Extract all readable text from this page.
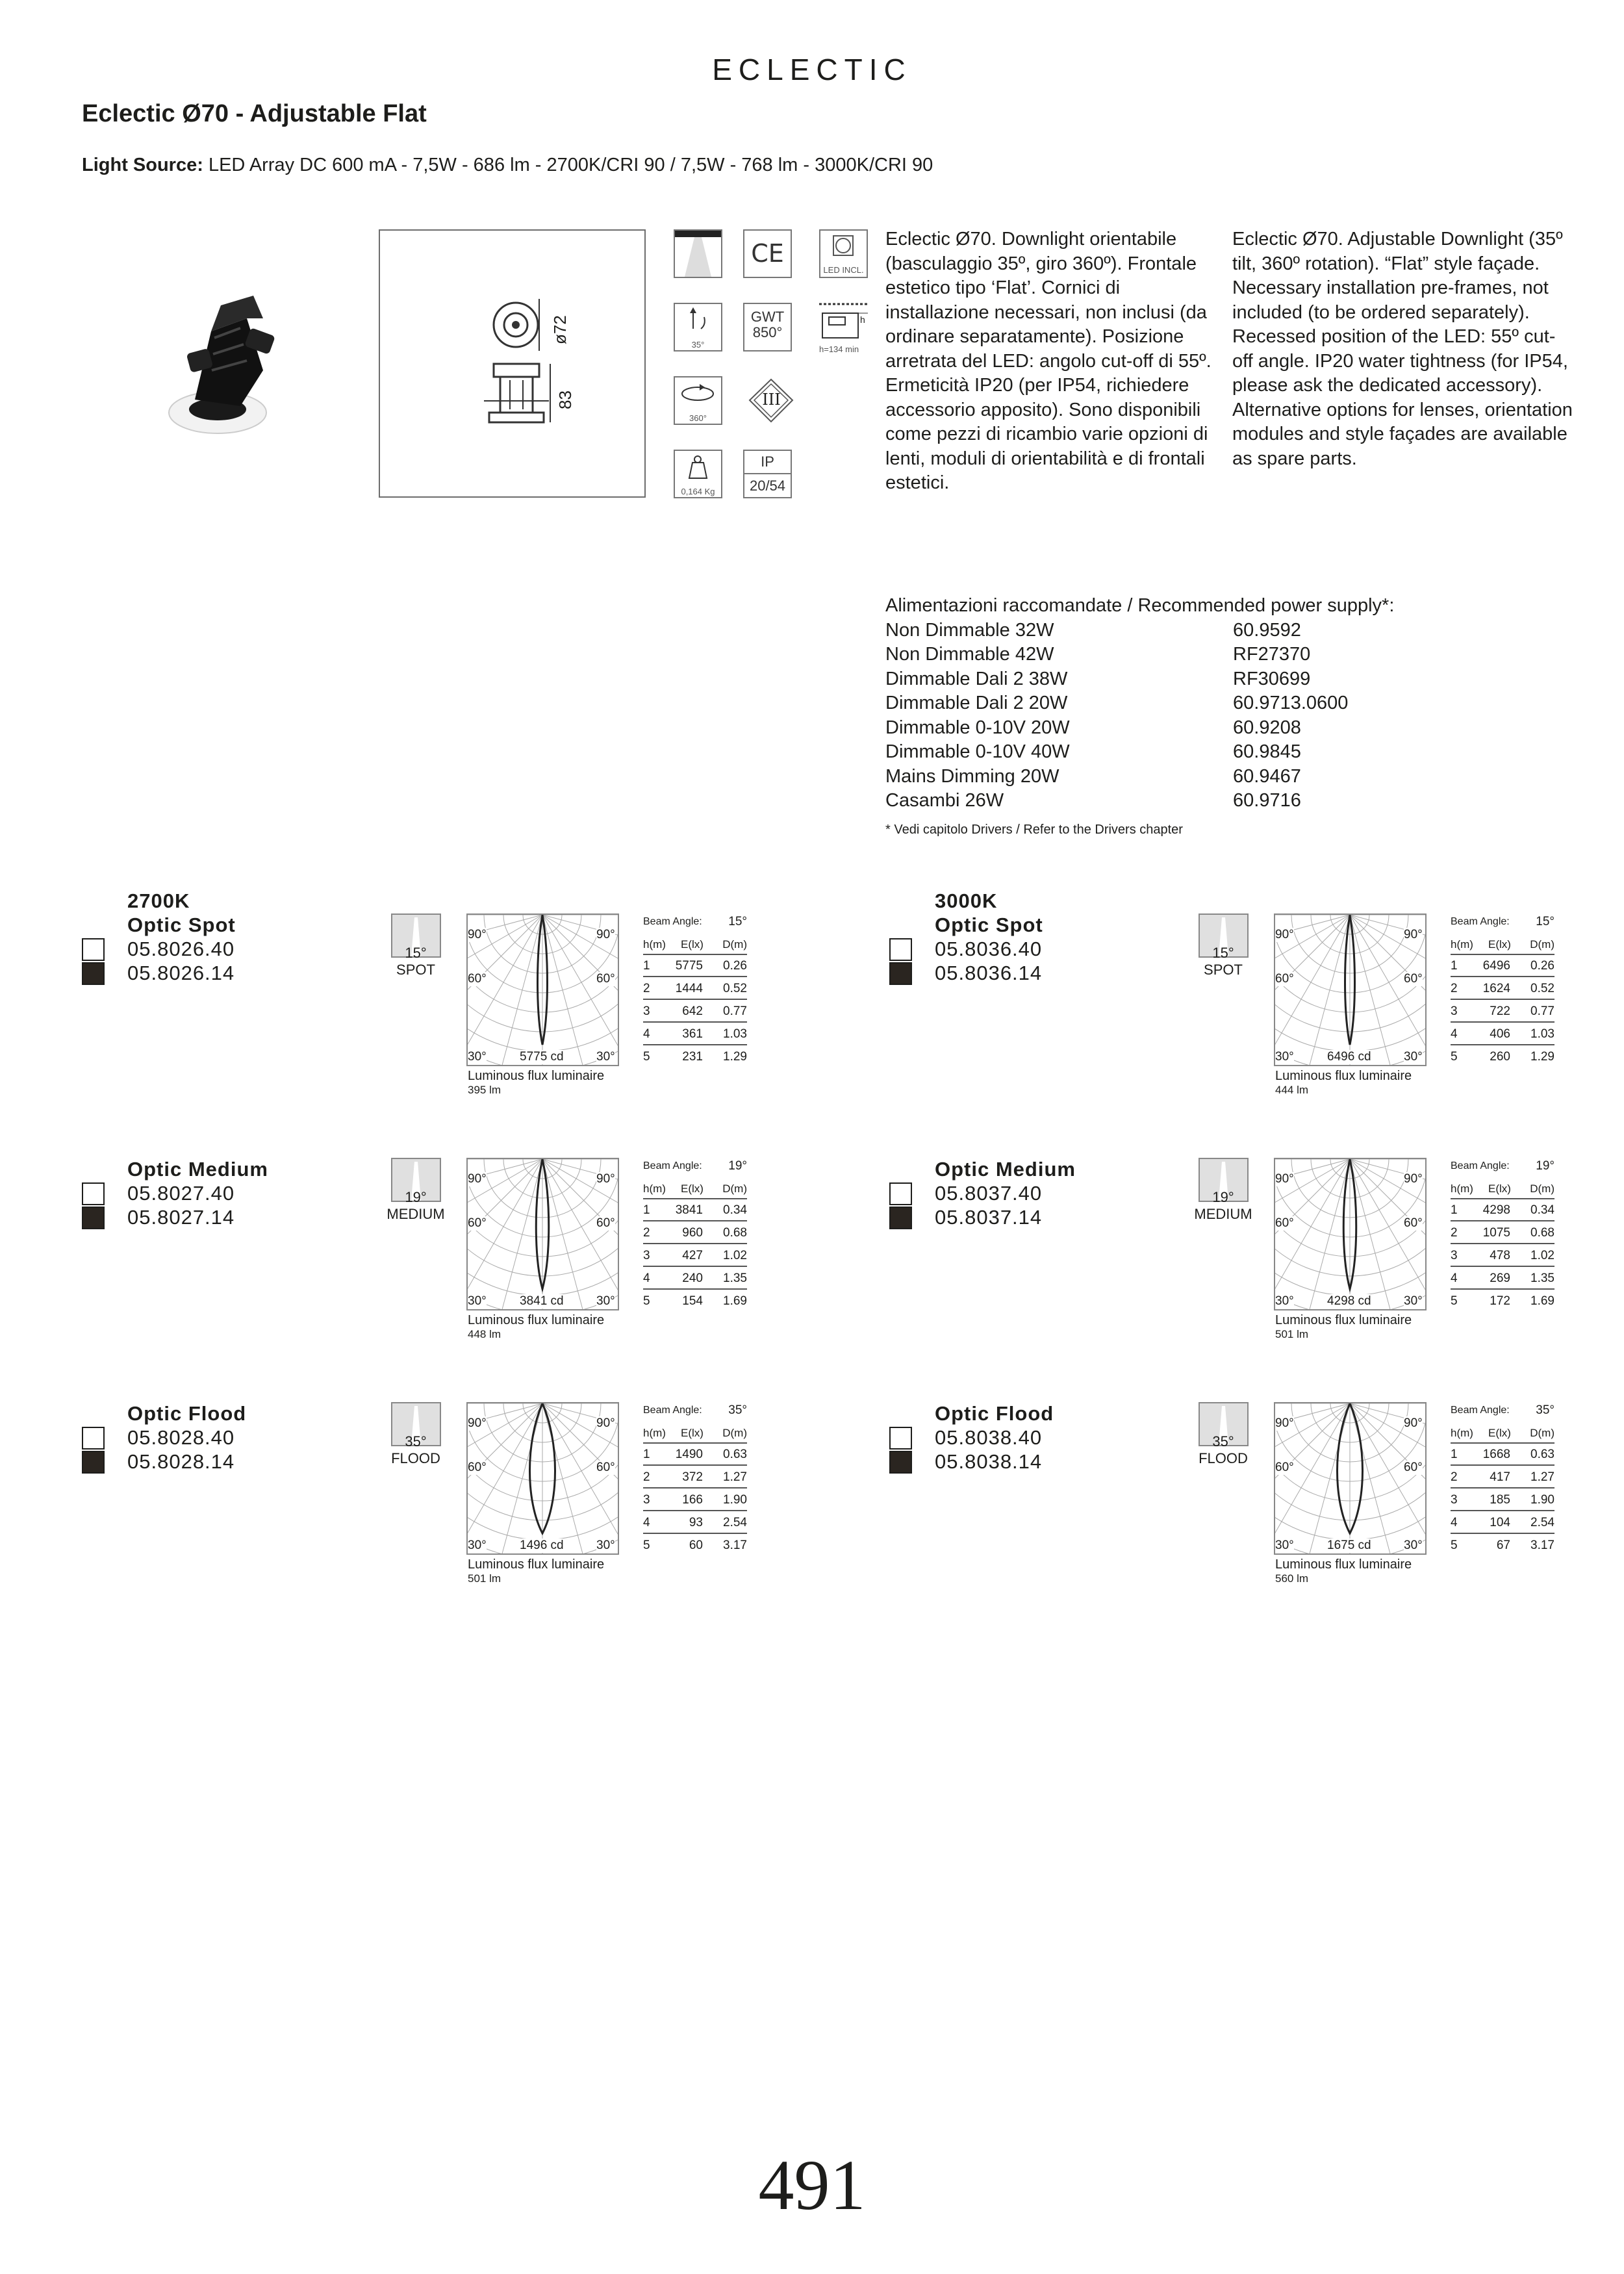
ECLECTIC
Eclectic Ø70 - Adjustable Flat
Light Source: LED Array DC 600 mA - 7,5W - 686 lm - 2700K/CRI 90 / 7,5W - 768 lm - 3000K/CRI 90
ø72
83
CE
LED INCL.
35°
GWT
850°
h
h=134 min
360°
III
0,164 Kg
IP
20/54
Eclectic Ø70. Downlight orientabile (basculaggio 35º, giro 360º). Frontale estetico tipo ‘Flat’. Cornici di installazione necessari, non inclusi (da ordinare separatamente). Posizione arretrata del LED: angolo cut-off di 55º. Ermeticità IP20 (per IP54, richiedere accessorio apposito). Sono disponibili come pezzi di ricambio varie opzioni di lenti, moduli di orientabilità e di frontali estetici.
Eclectic Ø70. Adjustable Downlight (35º tilt, 360º rotation). “Flat” style façade. Necessary installation pre-frames, not included (to be ordered separately). Recessed position of the LED: 55º cut-off angle. IP20 water tightness (for IP54, please ask the dedicated accessory). Alternative options for lenses, orientation modules and style façades are available as spare parts.
Alimentazioni raccomandate / Recommended power supply*:
Non Dimmable 32W	60.9592
Non Dimmable 42W	RF27370
Dimmable Dali 2 38W	RF30699
Dimmable Dali 2 20W	60.9713.0600
Dimmable 0-10V 20W	60.9208
Dimmable 0-10V 40W	60.9845
Mains Dimming 20W	60.9467
Casambi 26W	60.9716
* Vedi capitolo Drivers / Refer to the Drivers chapter
2700K
Optic Spot
05.8026.40
05.8026.14
15°
SPOT
90°	90°
60°	60°
30°	30°
5775 cd
Luminous flux luminaire
395 lm
Beam Angle: 15°
h(m) E(lx) D(m)
1 5775 0.26
2 1444 0.52
3	642 0.77
4	361 1.03
5	231 1.29
Optic Medium
05.8027.40
05.8027.14
19°
MEDIUM
90°	90°
60°	60°
30°	30°
3841 cd
Luminous flux luminaire
448 lm
Beam Angle: 19°
h(m) E(lx) D(m)
1 3841 0.34
2	960 0.68
3	427 1.02
4	240 1.35
5	154 1.69
Optic Flood
05.8028.40
05.8028.14
35°
FLOOD
90°	90°
60°	60°
30°	30°
1496 cd
Luminous flux luminaire
501 lm
Beam Angle: 35°
h(m) E(lx) D(m)
1 1490 0.63
2	372 1.27
3	166 1.90
4	93 2.54
5	60 3.17
3000K
Optic Spot
05.8036.40
05.8036.14
15°
SPOT
90°	90°
60°	60°
30°	30°
6496 cd
Luminous flux luminaire
444 lm
Beam Angle: 15°
h(m) E(lx) D(m)
1 6496 0.26
2 1624 0.52
3	722 0.77
4	406 1.03
5	260 1.29
Optic Medium
05.8037.40
05.8037.14
19°
MEDIUM
90°	90°
60°	60°
30°	30°
4298 cd
Luminous flux luminaire
501 lm
Beam Angle: 19°
h(m) E(lx) D(m)
1 4298 0.34
2 1075 0.68
3	478 1.02
4	269 1.35
5	172 1.69
Optic Flood
05.8038.40
05.8038.14
35°
FLOOD
90°	90°
60°	60°
30°	30°
1675 cd
Luminous flux luminaire
560 lm
Beam Angle: 35°
h(m) E(lx) D(m)
1 1668 0.63
2	417 1.27
3	185 1.90
4	104 2.54
5	67 3.17
491
